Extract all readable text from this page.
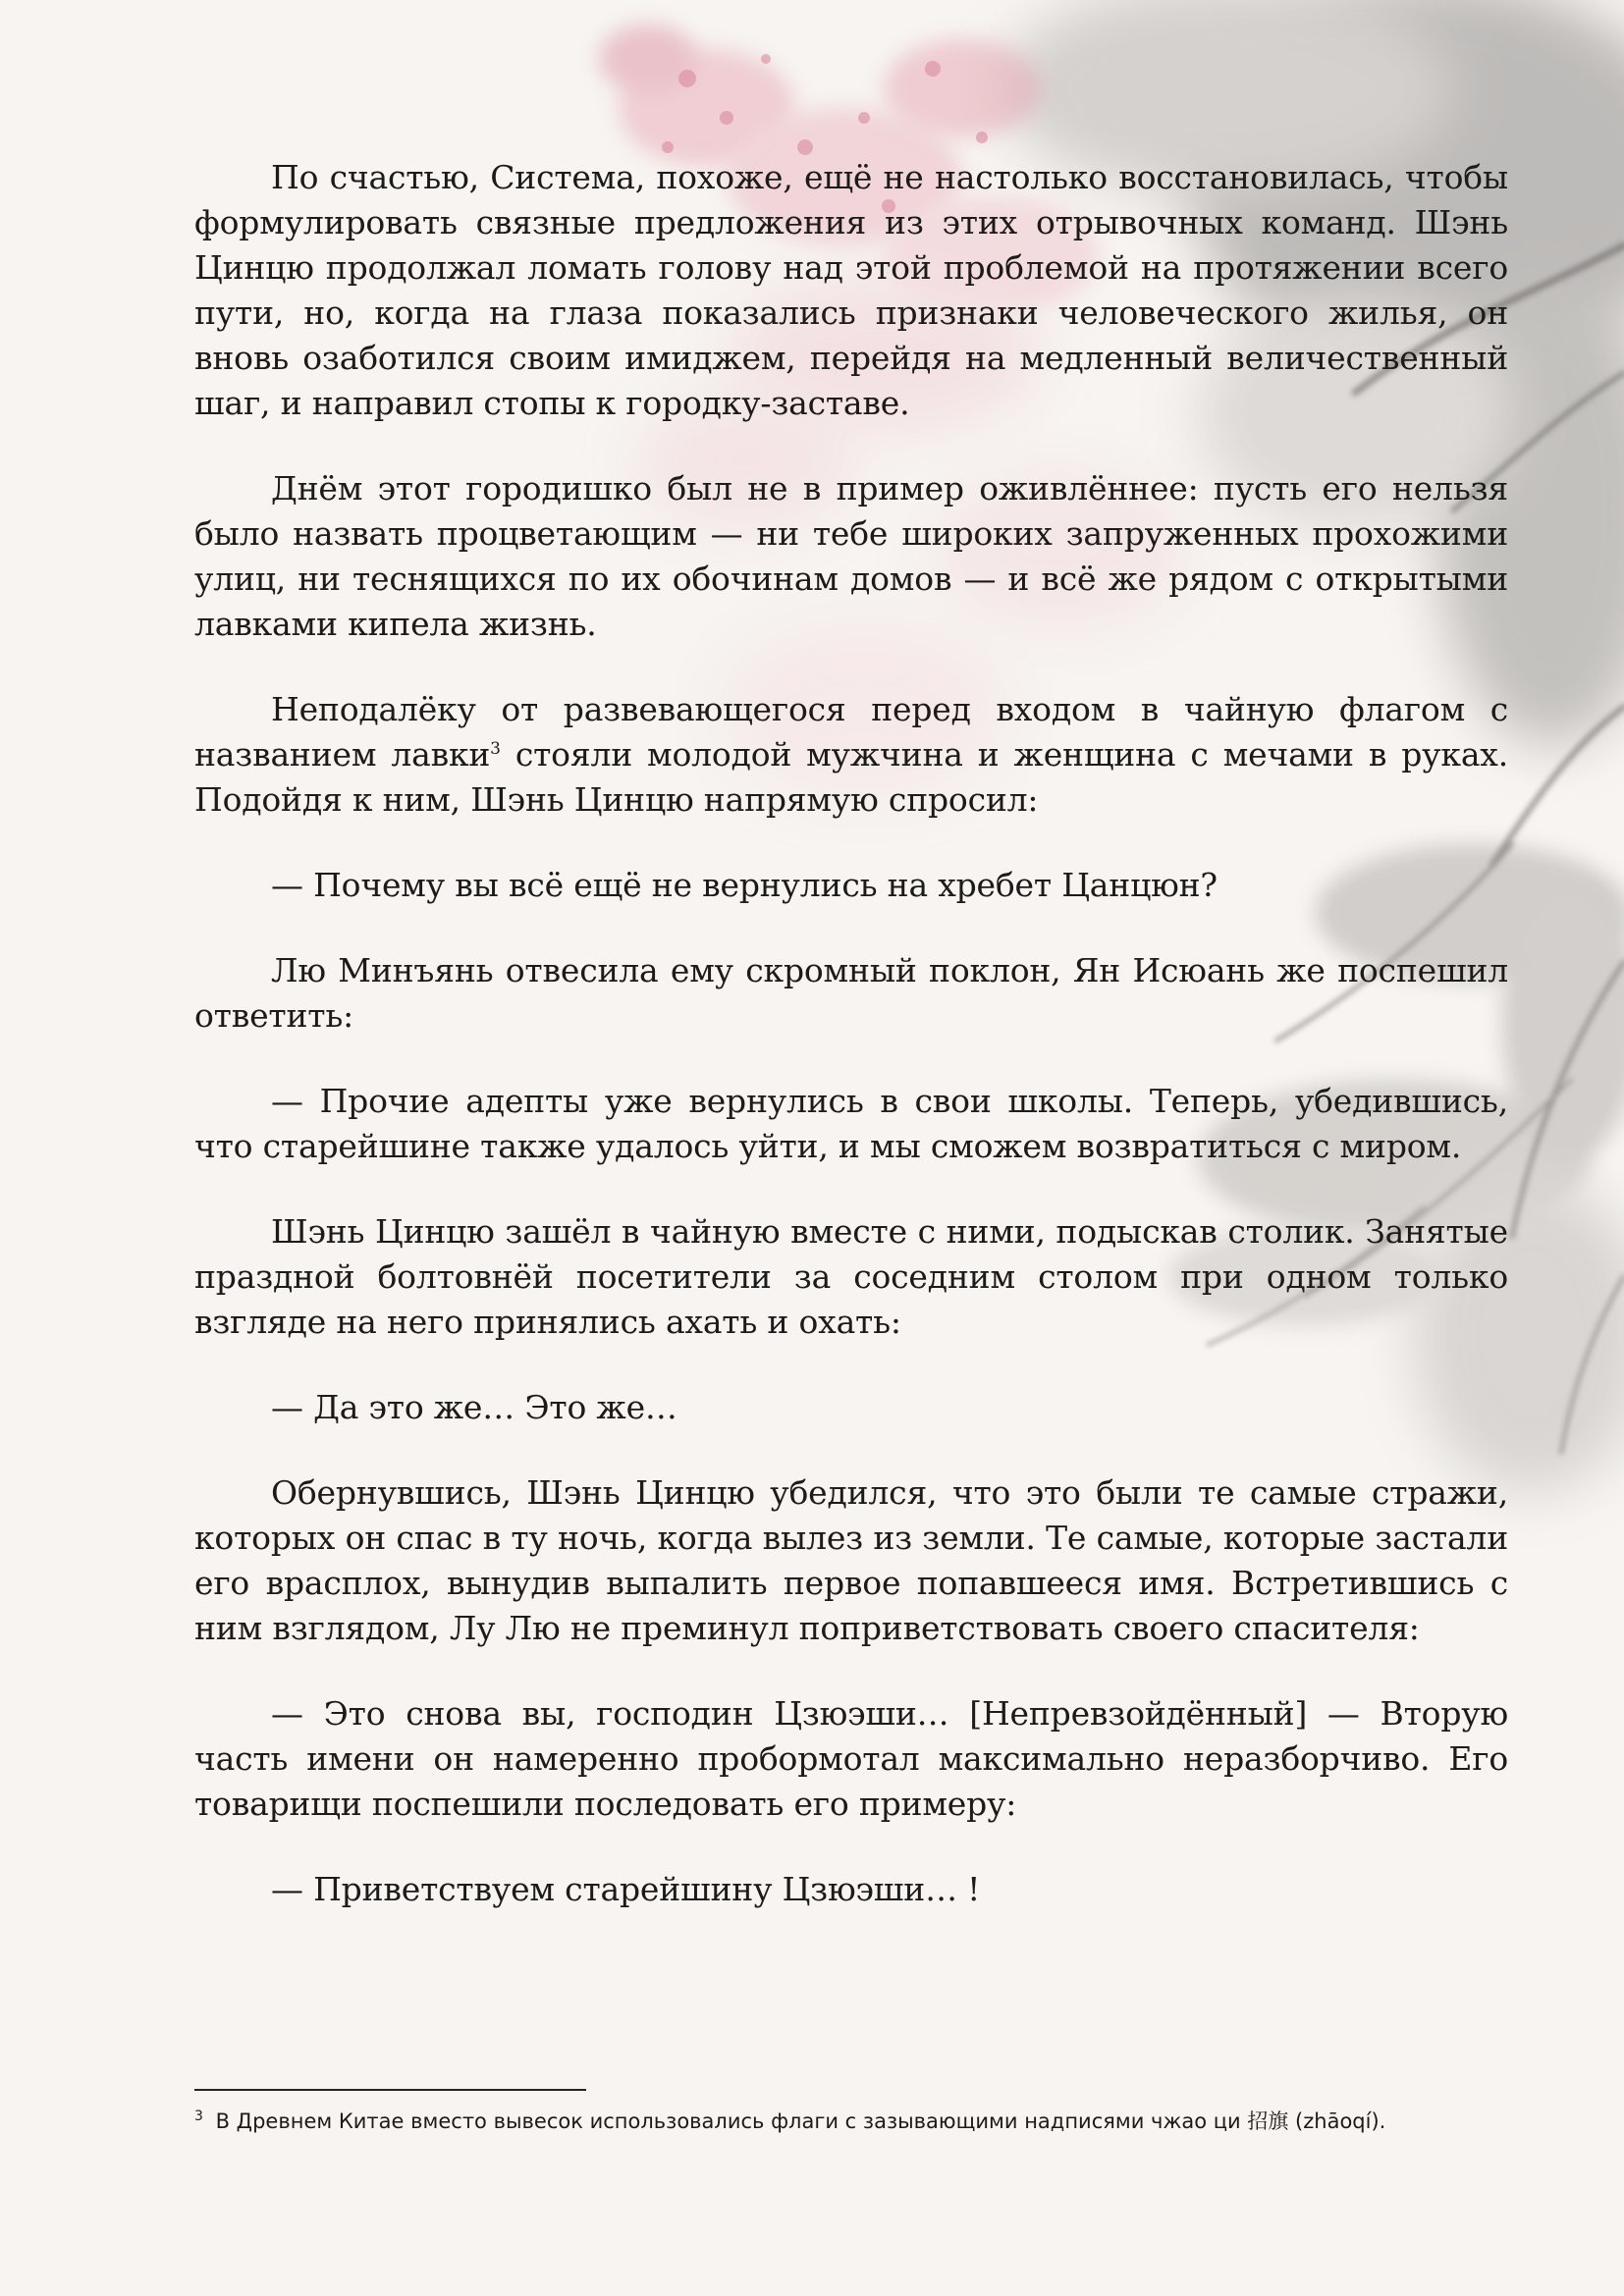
По счастью, Система, похоже, ещё не настолько восстановилась, чтобы формулировать связные предложения из этих отрывочных команд. Шэнь Цинцю продолжал ломать голову над этой проблемой на протяжении всего пути, но, когда на глаза показались признаки человеческого жилья, он вновь озаботился своим имиджем, перейдя на медленный величественный шаг, и направил стопы к городку-заставе.

Днём этот городишко был не в пример оживлённее: пусть его нельзя было назвать процветающим — ни тебе широких запруженных прохожими улиц, ни теснящихся по их обочинам домов — и всё же рядом с открытыми лавками кипела жизнь.

Неподалёку от развевающегося перед входом в чайную флагом с названием лавки$^3$ стояли молодой мужчина и женщина с мечами в руках. Подойдя к ним, Шэнь Цинцю напрямую спросил:

— Почему вы всё ещё не вернулись на хребет Цанцюн?

Лю Минъянь отвесила ему скромный поклон, Ян Исюань же поспешил ответить:

— Прочие адепты уже вернулись в свои школы. Теперь, убедившись, что старейшине также удалось уйти, и мы сможем возвратиться с миром.

Шэнь Цинцю зашёл в чайную вместе с ними, подыскав столик. Занятые праздной болтовнёй посетители за соседним столом при одном только взгляде на него принялись ахать и охать:

— Да это же… Это же…

Обернувшись, Шэнь Цинцю убедился, что это были те самые стражи, которых он спас в ту ночь, когда вылез из земли. Те самые, которые застали его врасплох, вынудив выпалить первое попавшееся имя. Встретившись с ним взглядом, Лу Лю не преминул поприветствовать своего спасителя:

— Это снова вы, господин Цзюэши… [Непревзойдённый] — Вторую часть имени он намеренно пробормотал максимально неразборчиво. Его товарищи поспешили последовать его примеру:

— Приветствуем старейшину Цзюэши… !

$^3$ В Древнем Китае вместо вывесок использовались флаги с зазывающими надписями чжао ци 招旗 (zhāoqí).
